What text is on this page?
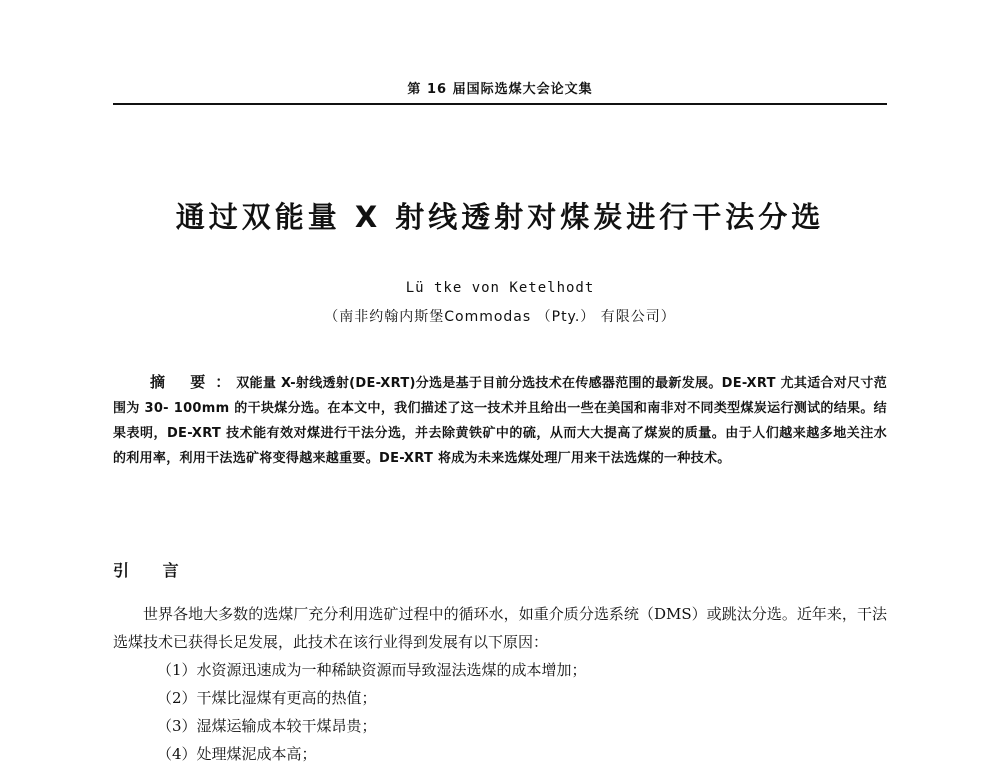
第 16 届国际选煤大会论文集
通过双能量 X 射线透射对煤炭进行干法分选
Lü tke von Ketelhodt
（南非约翰内斯堡Commodas （Pty.） 有限公司）
摘 要：双能量 X-射线透射(DE-XRT)分选是基于目前分选技术在传感器范围的最新发展。DE-XRT 尤其适合对尺寸范围为 30- 100mm 的干块煤分选。在本文中，我们描述了这一技术并且给出一些在美国和南非对不同类型煤炭运行测试的结果。结果表明，DE-XRT 技术能有效对煤进行干法分选，并去除黄铁矿中的硫，从而大大提高了煤炭的质量。由于人们越来越多地关注水的利用率，利用干法选矿将变得越来越重要。DE-XRT 将成为未来选煤处理厂用来干法选煤的一种技术。
引 言
世界各地大多数的选煤厂充分利用选矿过程中的循环水，如重介质分选系统（DMS）或跳汰分选。近年来，干法选煤技术已获得长足发展，此技术在该行业得到发展有以下原因：
（1）水资源迅速成为一种稀缺资源而导致湿法选煤的成本增加；
（2）干煤比湿煤有更高的热值；
（3）湿煤运输成本较干煤昂贵；
（4）处理煤泥成本高；
